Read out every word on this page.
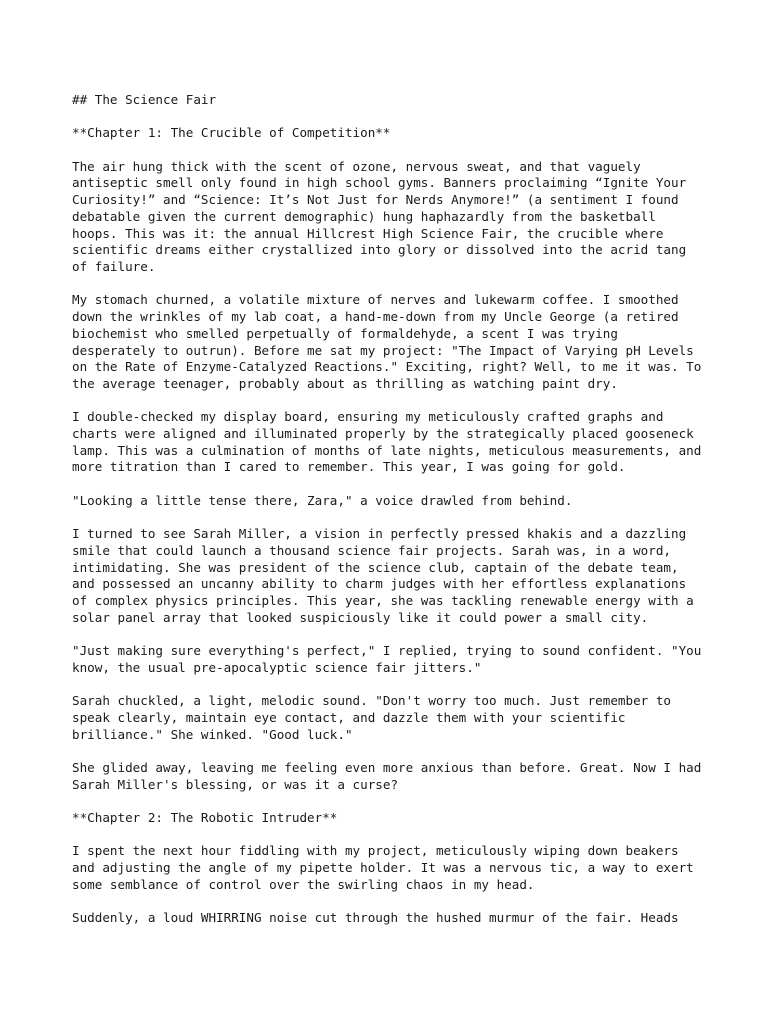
## The Science Fair

**Chapter 1: The Crucible of Competition**

The air hung thick with the scent of ozone, nervous sweat, and that vaguely
antiseptic smell only found in high school gyms. Banners proclaiming “Ignite Your
Curiosity!” and “Science: It’s Not Just for Nerds Anymore!” (a sentiment I found
debatable given the current demographic) hung haphazardly from the basketball
hoops. This was it: the annual Hillcrest High Science Fair, the crucible where
scientific dreams either crystallized into glory or dissolved into the acrid tang
of failure.

My stomach churned, a volatile mixture of nerves and lukewarm coffee. I smoothed
down the wrinkles of my lab coat, a hand-me-down from my Uncle George (a retired
biochemist who smelled perpetually of formaldehyde, a scent I was trying
desperately to outrun). Before me sat my project: "The Impact of Varying pH Levels
on the Rate of Enzyme-Catalyzed Reactions." Exciting, right? Well, to me it was. To
the average teenager, probably about as thrilling as watching paint dry.

I double-checked my display board, ensuring my meticulously crafted graphs and
charts were aligned and illuminated properly by the strategically placed gooseneck
lamp. This was a culmination of months of late nights, meticulous measurements, and
more titration than I cared to remember. This year, I was going for gold.

"Looking a little tense there, Zara," a voice drawled from behind.

I turned to see Sarah Miller, a vision in perfectly pressed khakis and a dazzling
smile that could launch a thousand science fair projects. Sarah was, in a word,
intimidating. She was president of the science club, captain of the debate team,
and possessed an uncanny ability to charm judges with her effortless explanations
of complex physics principles. This year, she was tackling renewable energy with a
solar panel array that looked suspiciously like it could power a small city.

"Just making sure everything's perfect," I replied, trying to sound confident. "You
know, the usual pre-apocalyptic science fair jitters."

Sarah chuckled, a light, melodic sound. "Don't worry too much. Just remember to
speak clearly, maintain eye contact, and dazzle them with your scientific
brilliance." She winked. "Good luck."

She glided away, leaving me feeling even more anxious than before. Great. Now I had
Sarah Miller's blessing, or was it a curse?

**Chapter 2: The Robotic Intruder**

I spent the next hour fiddling with my project, meticulously wiping down beakers
and adjusting the angle of my pipette holder. It was a nervous tic, a way to exert
some semblance of control over the swirling chaos in my head.

Suddenly, a loud WHIRRING noise cut through the hushed murmur of the fair. Heads
